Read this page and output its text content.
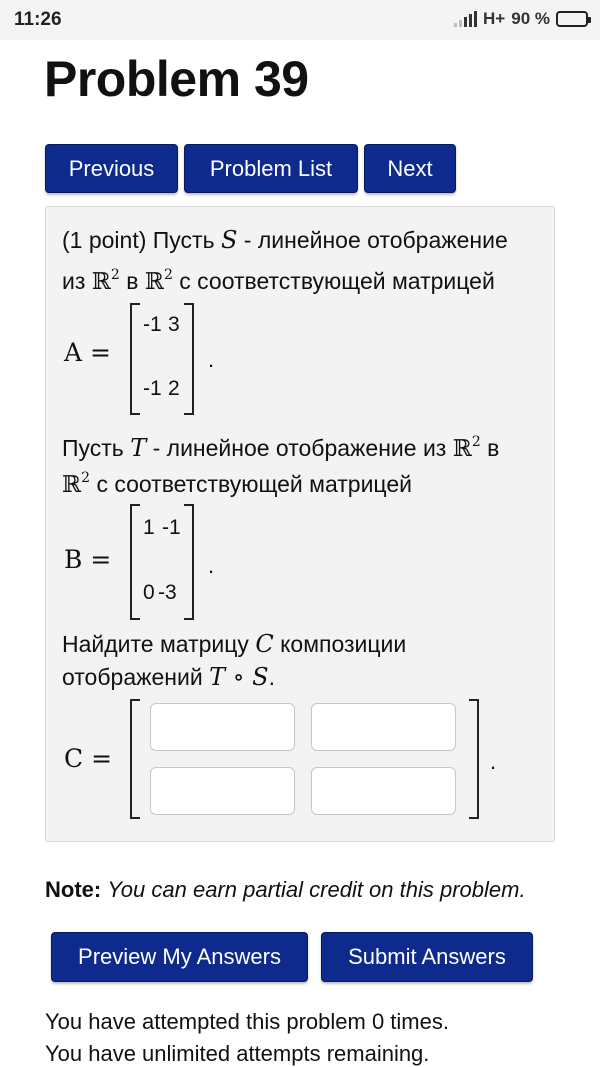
11:26	H+ 90 %
Problem 39
Previous	Problem List	Next
(1 point) Пусть S - линейное отображение
из ℝ$^2$ в ℝ$^2$ с соответствующей матрицей
A =
-1 3
-1 2
.
Пусть T - линейное отображение из ℝ$^2$ в
ℝ$^2$ с соответствующей матрицей
B =
1 -1
0 -3
.
Найдите матрицу C композиции
отображений T ∘ S.
C =	.
Note: You can earn partial credit on this problem.
Preview My Answers	Submit Answers
You have attempted this problem 0 times.
You have unlimited attempts remaining.
